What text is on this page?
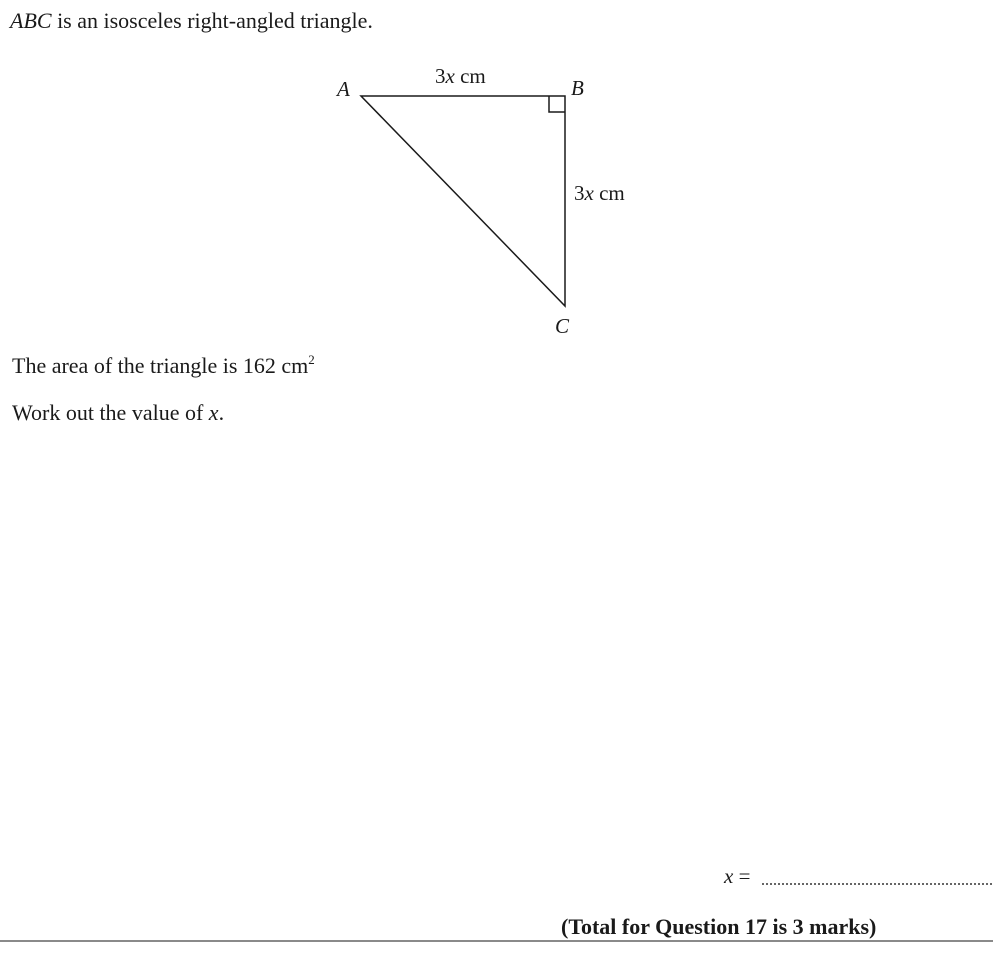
ABC is an isosceles right-angled triangle.
A	B
C
3x cm
3x cm
The area of the triangle is 162 $cm^2$
Work out the value of x.
x =
(Total for Question 17 is 3 marks)
